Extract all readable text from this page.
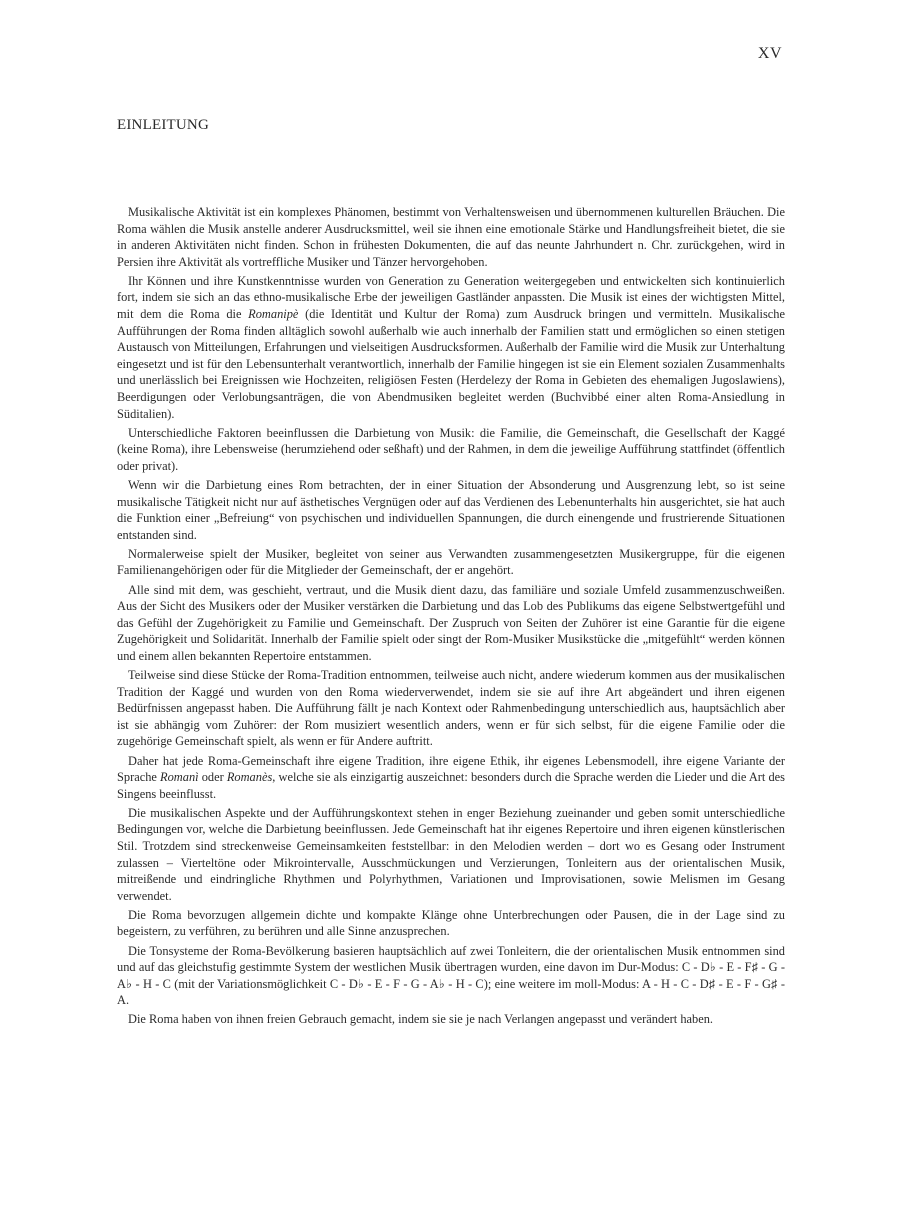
XV
EINLEITUNG

Musikalische Aktivität ist ein komplexes Phänomen, bestimmt von Verhaltensweisen und übernommenen kulturellen Bräuchen. Die Roma wählen die Musik anstelle anderer Ausdrucksmittel, weil sie ihnen eine emotionale Stärke und Handlungsfreiheit bietet, die sie in anderen Aktivitäten nicht finden. Schon in frühesten Dokumenten, die auf das neunte Jahrhundert n. Chr. zurückgehen, wird in Persien ihre Aktivität als vortreffliche Musiker und Tänzer hervorgehoben.

Ihr Können und ihre Kunstkenntnisse wurden von Generation zu Generation weitergegeben und entwickelten sich kontinuierlich fort, indem sie sich an das ethno-musikalische Erbe der jeweiligen Gastländer anpassten. Die Musik ist eines der wichtigsten Mittel, mit dem die Roma die Romanipè (die Identität und Kultur der Roma) zum Ausdruck bringen und vermitteln. Musikalische Aufführungen der Roma finden alltäglich sowohl außerhalb wie auch innerhalb der Familien statt und ermöglichen so einen stetigen Austausch von Mitteilungen, Erfahrungen und vielseitigen Ausdrucksformen. Außerhalb der Familie wird die Musik zur Unterhaltung eingesetzt und ist für den Lebensunterhalt verantwortlich, innerhalb der Familie hingegen ist sie ein Element sozialen Zusammenhalts und unerlässlich bei Ereignissen wie Hochzeiten, religiösen Festen (Herdelezy der Roma in Gebieten des ehemaligen Jugoslawiens), Beerdigungen oder Verlobungsanträgen, die von Abendmusiken begleitet werden (Buchvibbé einer alten Roma-Ansiedlung in Süditalien).

Unterschiedliche Faktoren beeinflussen die Darbietung von Musik: die Familie, die Gemeinschaft, die Gesellschaft der Kaggé (keine Roma), ihre Lebensweise (herumziehend oder seßhaft) und der Rahmen, in dem die jeweilige Aufführung stattfindet (öffentlich oder privat).

Wenn wir die Darbietung eines Rom betrachten, der in einer Situation der Absonderung und Ausgrenzung lebt, so ist seine musikalische Tätigkeit nicht nur auf ästhetisches Vergnügen oder auf das Verdienen des Lebenunterhalts hin ausgerichtet, sie hat auch die Funktion einer „Befreiung“ von psychischen und individuellen Spannungen, die durch einengende und frustrierende Situationen entstanden sind.

Normalerweise spielt der Musiker, begleitet von seiner aus Verwandten zusammengesetzten Musikergruppe, für die eigenen Familienangehörigen oder für die Mitglieder der Gemeinschaft, der er angehört.

Alle sind mit dem, was geschieht, vertraut, und die Musik dient dazu, das familiäre und soziale Umfeld zusammenzuschweißen. Aus der Sicht des Musikers oder der Musiker verstärken die Darbietung und das Lob des Publikums das eigene Selbstwertgefühl und das Gefühl der Zugehörigkeit zu Familie und Gemeinschaft. Der Zuspruch von Seiten der Zuhörer ist eine Garantie für die eigene Zugehörigkeit und Solidarität. Innerhalb der Familie spielt oder singt der Rom-Musiker Musikstücke die „mitgefühlt“ werden können und einem allen bekannten Repertoire entstammen.

Teilweise sind diese Stücke der Roma-Tradition entnommen, teilweise auch nicht, andere wiederum kommen aus der musikalischen Tradition der Kaggé und wurden von den Roma wiederverwendet, indem sie sie auf ihre Art abgeändert und ihren eigenen Bedürfnissen angepasst haben. Die Aufführung fällt je nach Kontext oder Rahmenbedingung unterschiedlich aus, hauptsächlich aber ist sie abhängig vom Zuhörer: der Rom musiziert wesentlich anders, wenn er für sich selbst, für die eigene Familie oder die zugehörige Gemeinschaft spielt, als wenn er für Andere auftritt.

Daher hat jede Roma-Gemeinschaft ihre eigene Tradition, ihre eigene Ethik, ihr eigenes Lebensmodell, ihre eigene Variante der Sprache Romanì oder Romanès, welche sie als einzigartig auszeichnet: besonders durch die Sprache werden die Lieder und die Art des Singens beeinflusst.

Die musikalischen Aspekte und der Aufführungskontext stehen in enger Beziehung zueinander und geben somit unterschiedliche Bedingungen vor, welche die Darbietung beeinflussen. Jede Gemeinschaft hat ihr eigenes Repertoire und ihren eigenen künstlerischen Stil. Trotzdem sind streckenweise Gemeinsamkeiten feststellbar: in den Melodien werden – dort wo es Gesang oder Instrument zulassen – Vierteltöne oder Mikrointervalle, Ausschmückungen und Verzierungen, Tonleitern aus der orientalischen Musik, mitreißende und eindringliche Rhythmen und Polyrhythmen, Variationen und Improvisationen, sowie Melismen im Gesang verwendet.

Die Roma bevorzugen allgemein dichte und kompakte Klänge ohne Unterbrechungen oder Pausen, die in der Lage sind zu begeistern, zu verführen, zu berühren und alle Sinne anzusprechen.

Die Tonsysteme der Roma-Bevölkerung basieren hauptsächlich auf zwei Tonleitern, die der orientalischen Musik entnommen sind und auf das gleichstufig gestimmte System der westlichen Musik übertragen wurden, eine davon im Dur-Modus: C - D♭ - E - F♯ - G - A♭ - H - C (mit der Variationsmöglichkeit C - D♭ - E - F - G - A♭ - H - C); eine weitere im moll-Modus: A - H - C - D♯ - E - F - G♯ - A.

Die Roma haben von ihnen freien Gebrauch gemacht, indem sie sie je nach Verlangen angepasst und verändert haben.
